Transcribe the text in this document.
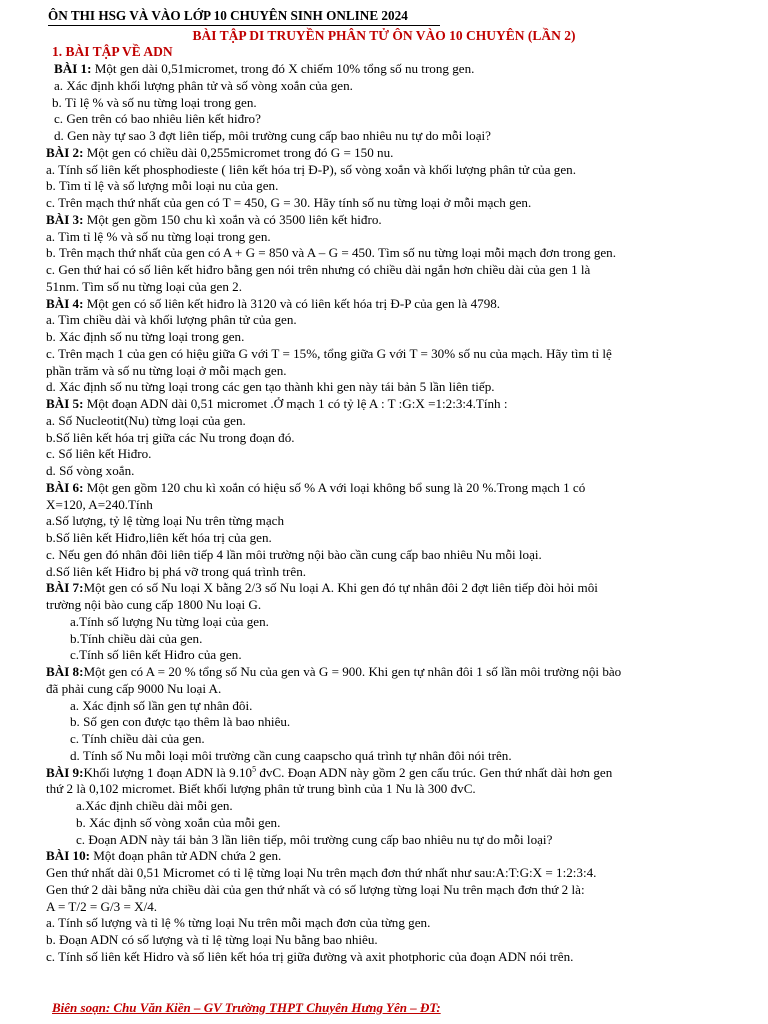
ÔN THI HSG VÀ VÀO LỚP 10 CHUYÊN SINH ONLINE 2024
BÀI TẬP DI TRUYỀN PHÂN TỬ ÔN VÀO 10 CHUYÊN (LẦN 2)
1. BÀI TẬP VỀ ADN
BÀI 1: Một gen dài 0,51micromet, trong đó X chiếm 10% tổng số nu trong gen.
a. Xác định khối lượng phân tử và số vòng xoắn của gen.
b. Tỉ lệ % và số nu từng loại trong gen.
c. Gen trên có bao nhiêu liên kết hiđro?
d. Gen này tự sao 3 đợt liên tiếp, môi trường cung cấp bao nhiêu nu tự do mỗi loại?
BÀI 2: Một gen có chiều dài 0,255micromet trong đó G = 150 nu.
a. Tính số liên kết phosphodieste ( liên kết hóa trị Đ-P), số vòng xoắn và khối lượng phân tử của gen.
b. Tìm tỉ lệ và số lượng mỗi loại nu của gen.
c. Trên mạch thứ nhất của gen có T = 450, G = 30. Hãy tính số nu từng loại ở mỗi mạch gen.
BÀI 3: Một gen gồm 150 chu kì xoắn và có 3500 liên kết hiđro.
a. Tìm tỉ lệ % và số nu từng loại trong gen.
b. Trên mạch thứ nhất của gen có A + G = 850 và A – G = 450. Tìm số nu từng loại mỗi mạch đơn trong gen.
c. Gen thứ hai có số liên kết hiđro bằng gen nói trên nhưng có chiều dài ngắn hơn chiều dài của gen 1 là
51nm. Tìm số nu từng loại của gen 2.
BÀI 4: Một gen có số liên kết hiđro là 3120 và có liên kết hóa trị Đ-P của gen là 4798.
a. Tìm chiều dài và khối lượng phân tử của gen.
b. Xác định số nu từng loại trong gen.
c. Trên mạch 1 của gen có hiệu giữa G với T = 15%, tổng giữa G với T = 30% số nu của mạch. Hãy tìm tỉ lệ
phần trăm và số nu từng loại ở mỗi mạch gen.
d. Xác định số nu từng loại trong các gen tạo thành khi gen này tái bản 5 lần liên tiếp.
BÀI 5: Một đoạn ADN dài 0,51 micromet .Ở mạch 1 có tỷ lệ A : T :G:X =1:2:3:4.Tính :
a. Số Nucleotit(Nu) từng loại của gen.
b.Số liên kết hóa trị giữa các Nu trong đoạn đó.
c. Số liên kết Hiđro.
d. Số vòng xoắn.
BÀI 6: Một gen gồm 120 chu kì xoắn có hiệu số % A với loại không bổ sung là 20 %.Trong mạch 1 có
X=120, A=240.Tính
a.Số lượng, tỷ lệ từng loại Nu trên từng mạch
b.Số liên kết Hiđro,liên kết hóa trị của gen.
c. Nếu gen đó nhân đôi liên tiếp 4 lần môi trường nội bào cần cung cấp bao nhiêu Nu mỗi loại.
d.Số liên kết Hiđro bị phá vỡ trong quá trình trên.
BÀI 7:Một gen có số Nu loại X bằng 2/3 số Nu loại A. Khi gen đó tự nhân đôi 2 đợt liên tiếp đòi hỏi môi
trường nội bào cung cấp 1800 Nu loại G.
a.Tính số lượng Nu từng loại của gen.
b.Tính chiều dài của gen.
c.Tính số liên kết Hiđro của gen.
BÀI 8:Một gen có A = 20 % tổng số Nu của gen và G = 900. Khi gen tự nhân đôi 1 số lần môi trường nội bào
đã phải cung cấp 9000 Nu loại A.
a. Xác định số lần gen tự nhân đôi.
b. Số gen con được tạo thêm là bao nhiêu.
c. Tính chiều dài của gen.
d. Tính số Nu mỗi loại môi trường cần cung caapscho quá trình tự nhân đôi nói trên.
BÀI 9:Khối lượng 1 đoạn ADN là 9.10$^5$ đvC. Đoạn ADN này gồm 2 gen cấu trúc. Gen thứ nhất dài hơn gen
thứ 2 là 0,102 micromet. Biết khối lượng phân tử trung bình của 1 Nu là 300 đvC.
a.Xác định chiều dài mỗi gen.
b. Xác định số vòng xoắn của mỗi gen.
c. Đoạn ADN này tái bản 3 lần liên tiếp, môi trường cung cấp bao nhiêu nu tự do mỗi loại?
BÀI 10: Một đoạn phân tử ADN chứa 2 gen.
Gen thứ nhất dài 0,51 Micromet có tỉ lệ từng loại Nu trên mạch đơn thứ nhất như sau:A:T:G:X = 1:2:3:4.
Gen thứ 2 dài bằng nửa chiều dài của gen thứ nhất và có số lượng từng loại Nu trên mạch đơn thứ 2 là:
A = T/2 = G/3 = X/4.
a. Tính số lượng và tỉ lệ % từng loại Nu trên mỗi mạch đơn của từng gen.
b. Đoạn ADN có số lượng và tỉ lệ từng loại Nu bằng bao nhiêu.
c. Tính số liên kết Hidro và số liên kết hóa trị giữa đường và axit photphoric của đoạn ADN nói trên.
Biên soạn: Chu Văn Kiền – GV Trường THPT Chuyên Hưng Yên – ĐT:
